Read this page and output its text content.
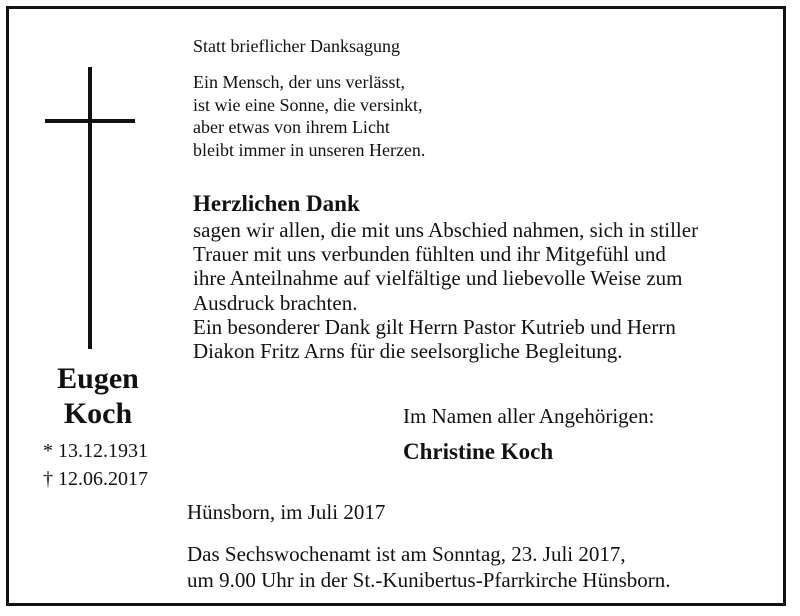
Eugen
Koch
* 13.12.1931
† 12.06.2017
Statt brieflicher Danksagung
Ein Mensch, der uns verlässt,
ist wie eine Sonne, die versinkt,
aber etwas von ihrem Licht
bleibt immer in unseren Herzen.
Herzlichen Dank
sagen wir allen, die mit uns Abschied nahmen, sich in stiller
Trauer mit uns verbunden fühlten und ihr Mitgefühl und
ihre Anteilnahme auf vielfältige und liebevolle Weise zum
Ausdruck brachten.
Ein besonderer Dank gilt Herrn Pastor Kutrieb und Herrn
Diakon Fritz Arns für die seelsorgliche Begleitung.
Im Namen aller Angehörigen:
Christine Koch
Hünsborn, im Juli 2017
Das Sechswochenamt ist am Sonntag, 23. Juli 2017,
um 9.00 Uhr in der St.-Kunibertus-Pfarrkirche Hünsborn.
